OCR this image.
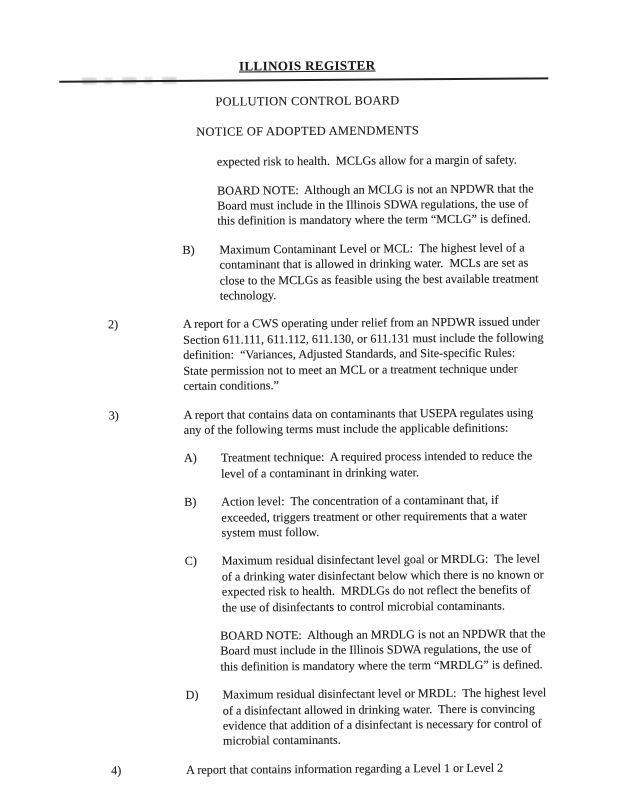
ILLINOIS REGISTER
POLLUTION CONTROL BOARD
NOTICE OF ADOPTED AMENDMENTS
expected risk to health.  MCLGs allow for a margin of safety.
BOARD NOTE:  Although an MCLG is not an NPDWR that the Board must include in the Illinois SDWA regulations, the use of this definition is mandatory where the term “MCLG” is defined.
B)	Maximum Contaminant Level or MCL:  The highest level of a contaminant that is allowed in drinking water.  MCLs are set as close to the MCLGs as feasible using the best available treatment technology.
2)	A report for a CWS operating under relief from an NPDWR issued under Section 611.111, 611.112, 611.130, or 611.131 must include the following definition:  “Variances, Adjusted Standards, and Site-specific Rules:  State permission not to meet an MCL or a treatment technique under certain conditions.”
3)	A report that contains data on contaminants that USEPA regulates using any of the following terms must include the applicable definitions:
A)	Treatment technique:  A required process intended to reduce the level of a contaminant in drinking water.
B)	Action level:  The concentration of a contaminant that, if exceeded, triggers treatment or other requirements that a water system must follow.
C)	Maximum residual disinfectant level goal or MRDLG:  The level of a drinking water disinfectant below which there is no known or expected risk to health.  MRDLGs do not reflect the benefits of the use of disinfectants to control microbial contaminants.
BOARD NOTE:  Although an MRDLG is not an NPDWR that the Board must include in the Illinois SDWA regulations, the use of this definition is mandatory where the term “MRDLG” is defined.
D)	Maximum residual disinfectant level or MRDL:  The highest level of a disinfectant allowed in drinking water.  There is convincing evidence that addition of a disinfectant is necessary for control of microbial contaminants.
4)	A report that contains information regarding a Level 1 or Level 2
